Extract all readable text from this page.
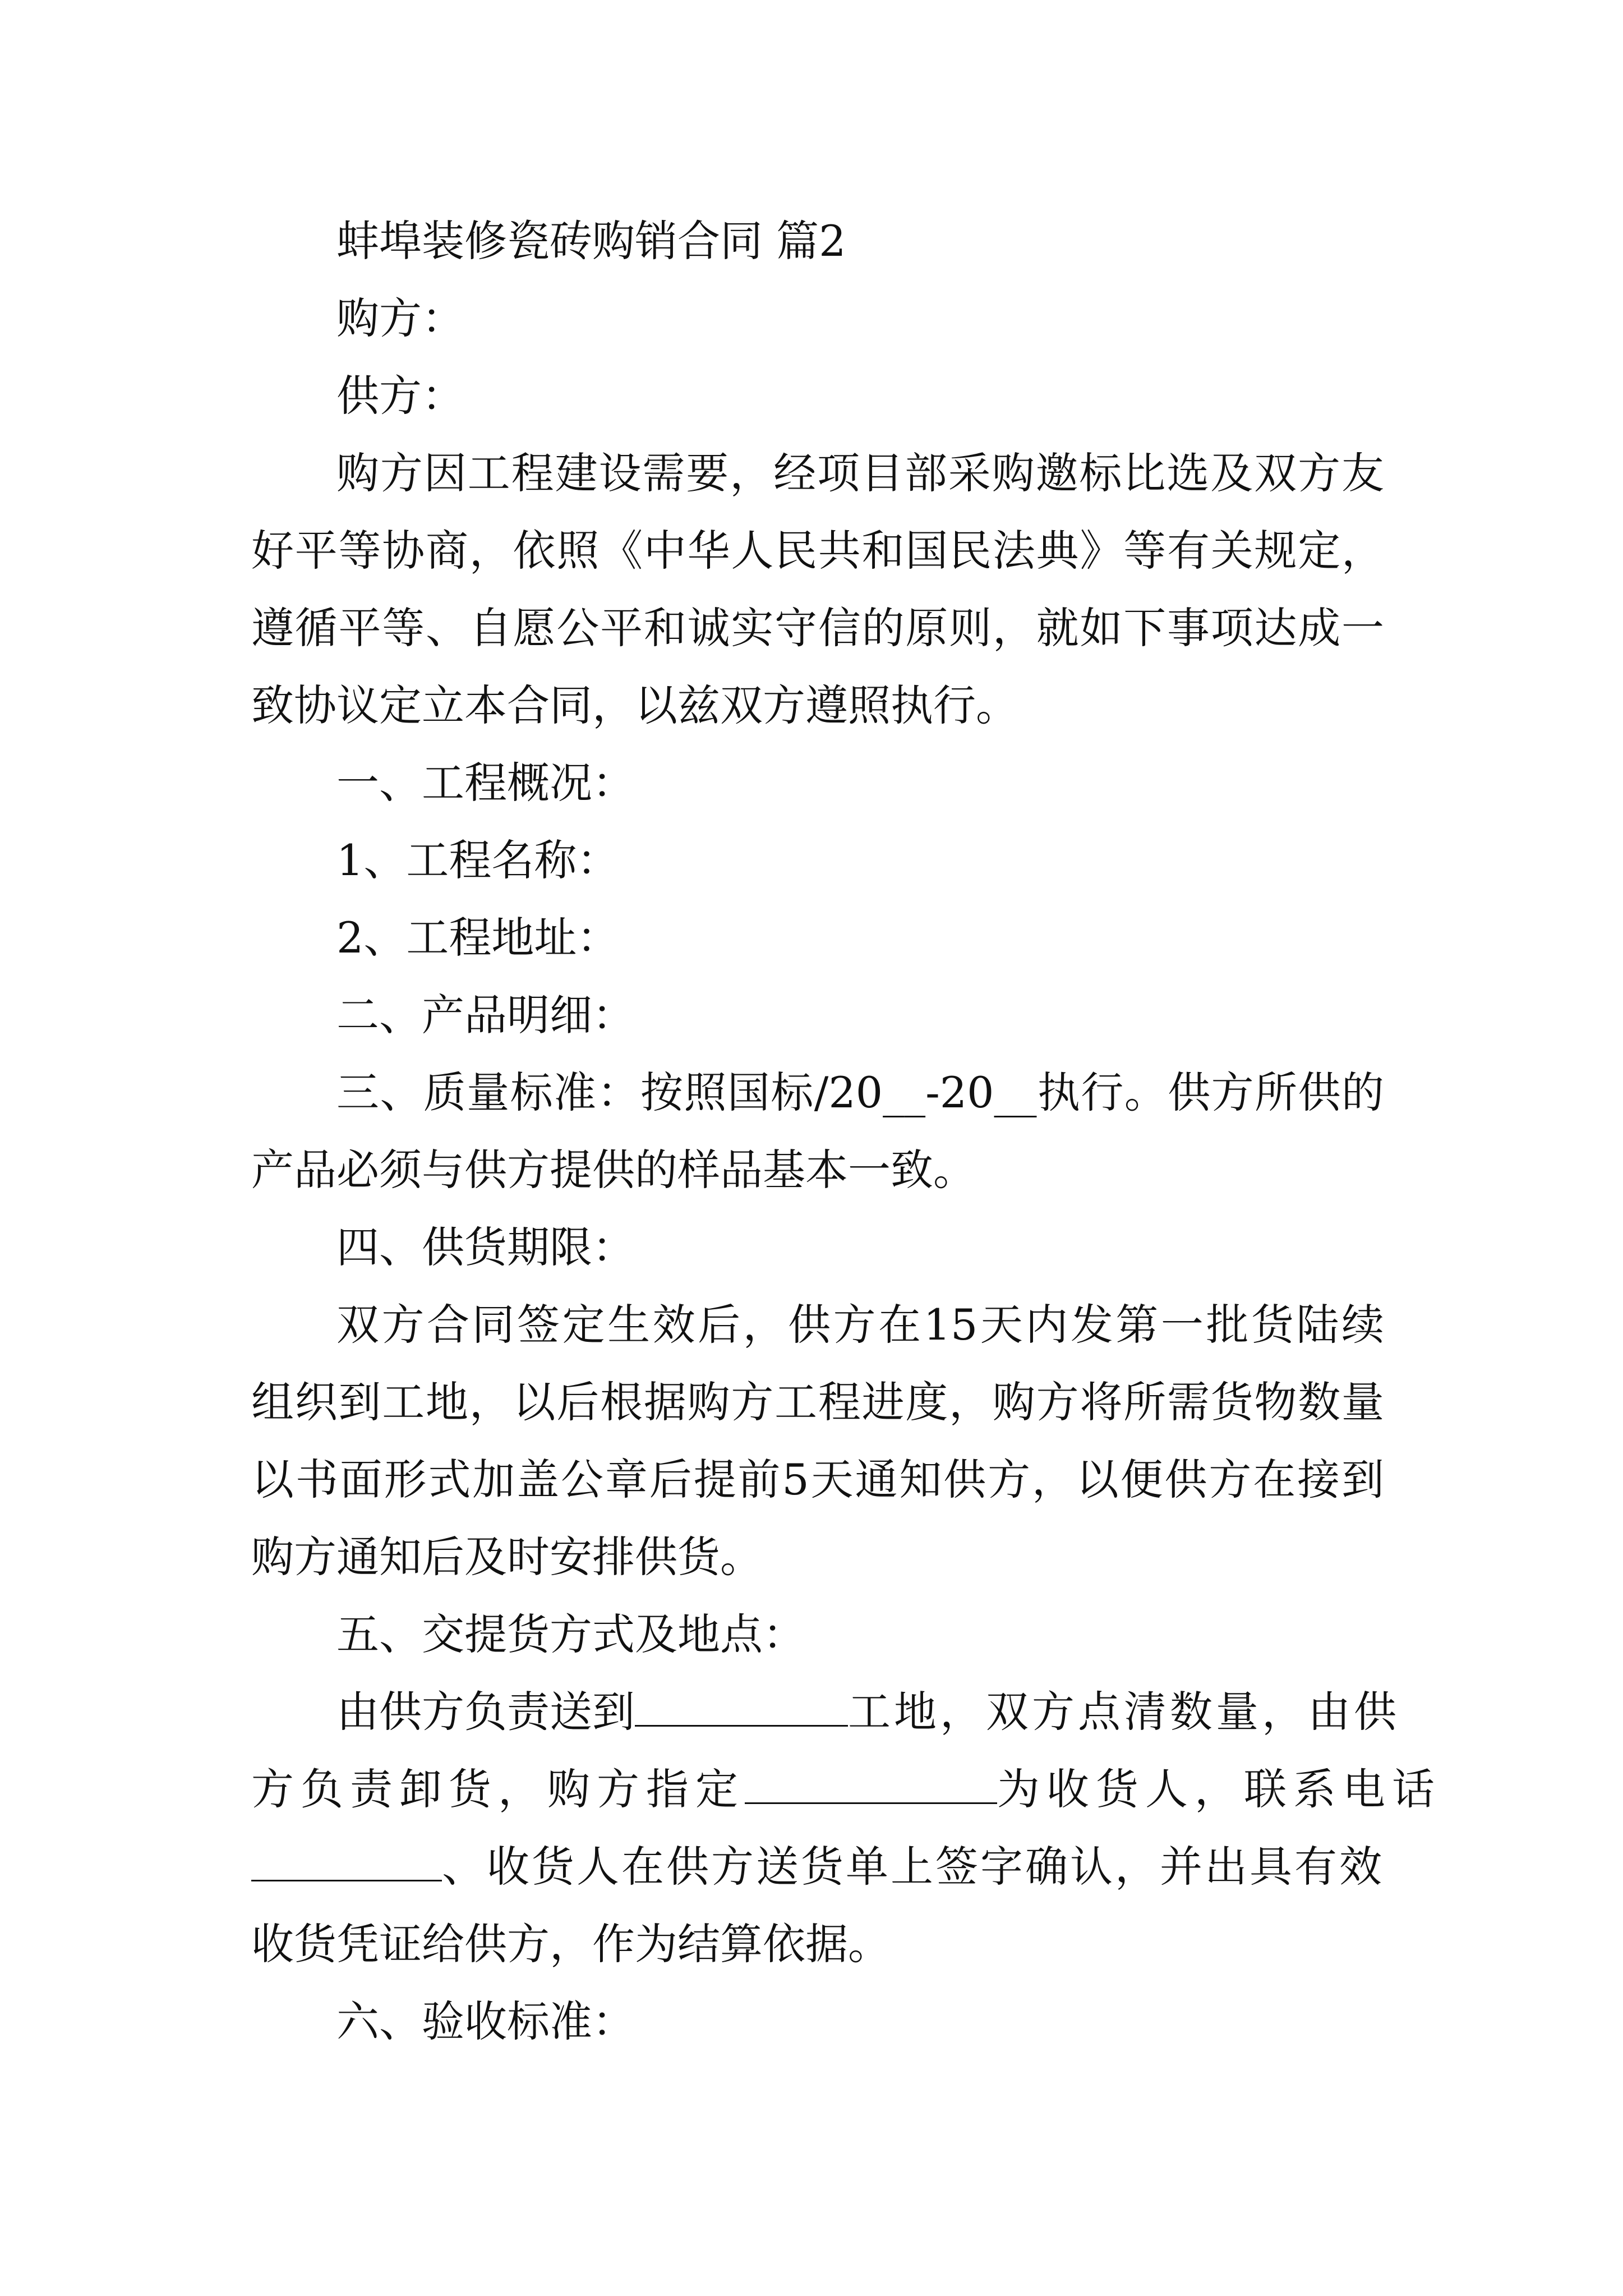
蚌埠装修瓷砖购销合同 篇2
购方：
供方：
购方因工程建设需要，经项目部采购邀标比选及双方友
好平等协商，依照《中华人民共和国民法典》等有关规定，
遵循平等、自愿公平和诚实守信的原则，就如下事项达成一
致协议定立本合同，以兹双方遵照执行。
一、工程概况：
1、工程名称：
2、工程地址：
二、产品明细：
三、质量标准：按照国标/20__-20__执行。供方所供的
产品必须与供方提供的样品基本一致。
四、供货期限：
双方合同签定生效后，供方在15天内发第一批货陆续
组织到工地，以后根据购方工程进度，购方将所需货物数量
以书面形式加盖公章后提前5天通知供方，以便供方在接到
购方通知后及时安排供货。
五、交提货方式及地点：
由供方负责送到	工地，双方点清数量，由供
方负责卸货，购方指定	为收货人，联系电话
、收货人在供方送货单上签字确认，并出具有效
收货凭证给供方，作为结算依据。
六、验收标准：
